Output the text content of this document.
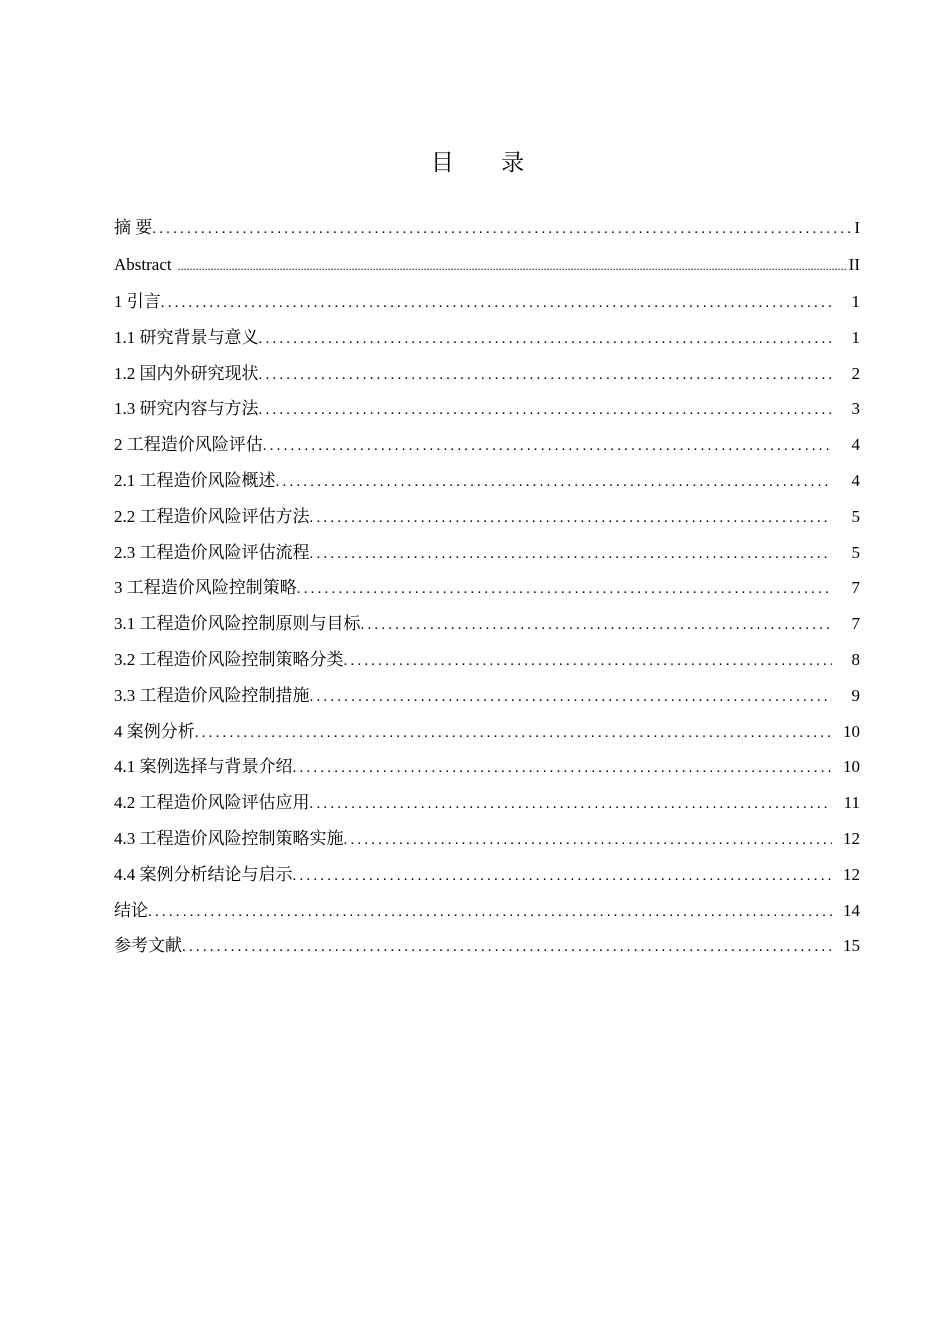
目 录
摘 要 .....	I
Abstract .....	II
1 引言 .....	1
1.1 研究背景与意义 .....	1
1.2 国内外研究现状 .....	2
1.3 研究内容与方法 .....	3
2 工程造价风险评估 .....	4
2.1 工程造价风险概述 .....	4
2.2 工程造价风险评估方法 .....	5
2.3 工程造价风险评估流程 .....	5
3 工程造价风险控制策略 .....	7
3.1 工程造价风险控制原则与目标 .....	7
3.2 工程造价风险控制策略分类 .....	8
3.3 工程造价风险控制措施 .....	9
4 案例分析 .....	10
4.1 案例选择与背景介绍 .....	10
4.2 工程造价风险评估应用 .....	11
4.3 工程造价风险控制策略实施 .....	12
4.4 案例分析结论与启示 .....	12
结论 .....	14
参考文献 .....	15
